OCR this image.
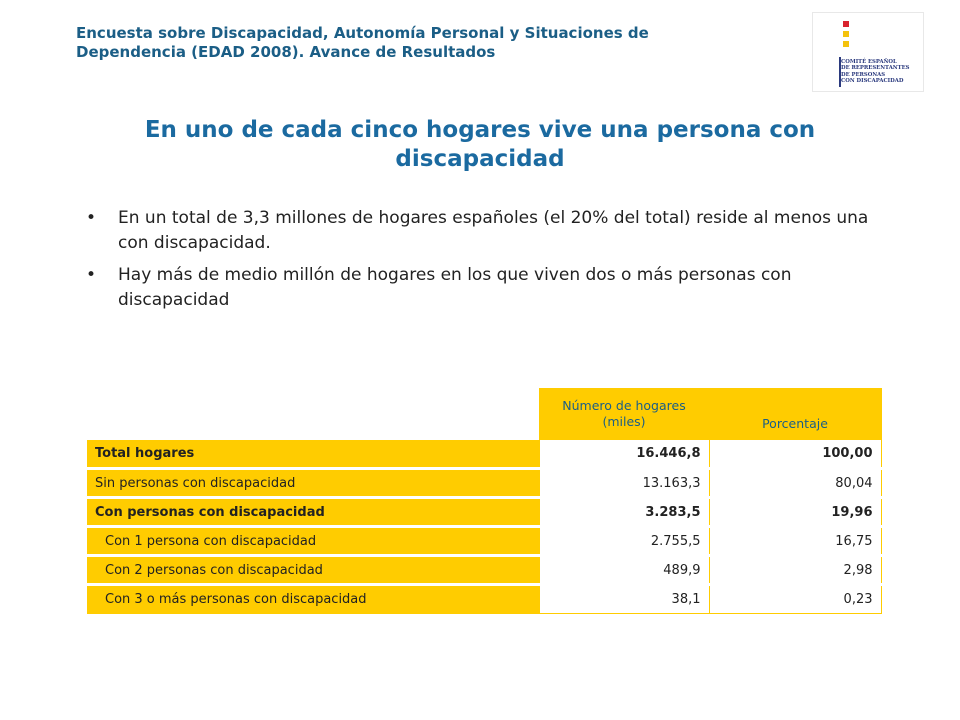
Encuesta sobre Discapacidad, Autonomía Personal y Situaciones de Dependencia (EDAD 2008). Avance de Resultados
COMITÉ ESPAÑOL
DE REPRESENTANTES
DE PERSONAS
CON DISCAPACIDAD
En uno de cada cinco hogares vive una persona con discapacidad
• En un total de 3,3 millones de hogares españoles (el 20% del total) reside al menos una con discapacidad.
• Hay más de medio millón de hogares en los que viven dos o más personas con discapacidad
	Número de hogares (miles)	Porcentaje
Total hogares	16.446,8	100,00
Sin personas con discapacidad	13.163,3	80,04
Con personas con discapacidad	3.283,5	19,96
Con 1 persona con discapacidad	2.755,5	16,75
Con 2 personas con discapacidad	489,9	2,98
Con 3 o más personas con discapacidad	38,1	0,23
